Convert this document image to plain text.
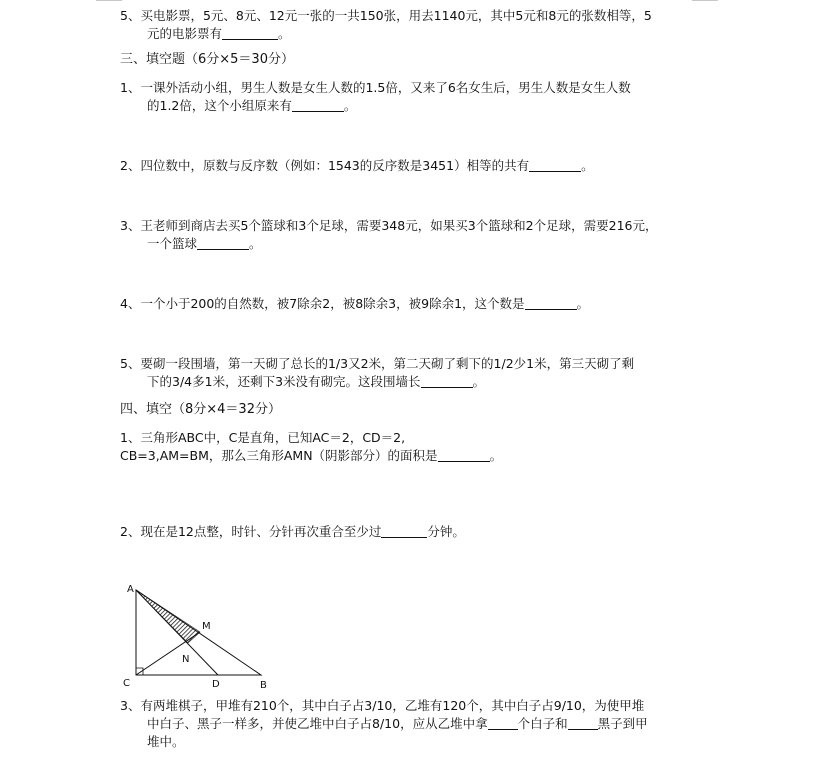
5、买电影票，5元、8元、12元一张的一共150张，用去1140元，其中5元和8元的张数相等，5
元的电影票有	。
三、填空题（6分×5＝30分）
1、一课外活动小组，男生人数是女生人数的1.5倍，又来了6名女生后，男生人数是女生人数
的1.2倍，这个小组原来有	。
2、四位数中，原数与反序数（例如：1543的反序数是3451）相等的共有	。
3、王老师到商店去买5个篮球和3个足球，需要348元，如果买3个篮球和2个足球，需要216元，
一个篮球	。
4、一个小于200的自然数，被7除余2，被8除余3，被9除余1，这个数是	。
5、要砌一段围墙，第一天砌了总长的1/3又2米，第二天砌了剩下的1/2少1米，第三天砌了剩
下的3/4多1米，还剩下3米没有砌完。这段围墙长	。
四、填空（8分×4＝32分）
1、三角形ABC中，C是直角，已知AC＝2，CD＝2,
CB=3,AM=BM，那么三角形AMN（阴影部分）的面积是	。
2、现在是12点整，时针、分针再次重合至少过	分钟。
A
M
N
C	D	B
3、有两堆棋子，甲堆有210个，其中白子占3/10，乙堆有120个，其中白子占9/10，为使甲堆
中白子、黑子一样多，并使乙堆中白子占8/10，应从乙堆中拿 个白子和 黑子到甲
堆中。
